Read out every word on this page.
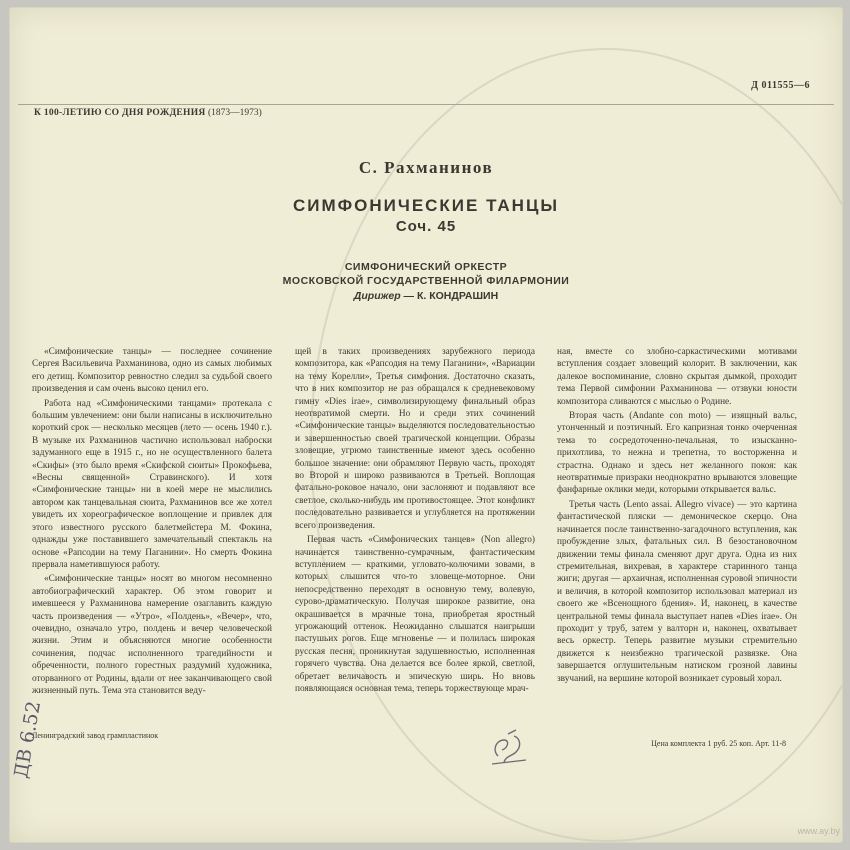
Д 011555—6
К 100-ЛЕТИЮ СО ДНЯ РОЖДЕНИЯ (1873—1973)
С. Рахманинов
СИМФОНИЧЕСКИЕ ТАНЦЫ
Соч. 45
СИМФОНИЧЕСКИЙ ОРКЕСТР
МОСКОВСКОЙ ГОСУДАРСТВЕННОЙ ФИЛАРМОНИИ
Дирижер — К. КОНДРАШИН

«Симфонические танцы» — последнее сочинение Сергея Васильевича Рахманинова, одно из самых любимых его детищ. Композитор ревностно следил за судьбой своего произведения и сам очень высоко ценил его.

Работа над «Симфоническими танцами» протекала с большим увлечением: они были написаны в исключительно короткий срок — несколько месяцев (лето — осень 1940 г.). В музыке их Рахманинов частично использовал наброски задуманного еще в 1915 г., но не осуществленного балета «Скифы» (это было время «Скифской сюиты» Прокофьева, «Весны священной» Стравинского). И хотя «Симфонические танцы» ни в коей мере не мыслились автором как танцевальная сюита, Рахманинов все же хотел увидеть их хореографическое воплощение и привлек для этого известного русского балетмейстера М. Фокина, однажды уже поставившего замечательный спектакль на основе «Рапсодии на тему Паганини». Но смерть Фокина прервала наметившуюся работу.

«Симфонические танцы» носят во многом несомненно автобиографический характер. Об этом говорит и имевшееся у Рахманинова намерение озаглавить каждую часть произведения — «Утро», «Полдень», «Вечер», что, очевидно, означало утро, полдень и вечер человеческой жизни. Этим и объясняются многие особенности сочинения, подчас исполненного трагедийности и обреченности, полного горестных раздумий художника, оторванного от Родины, вдали от нее заканчивающего свой жизненный путь. Тема эта становится веду-

щей в таких произведениях зарубежного периода композитора, как «Рапсодия на тему Паганини», «Вариации на тему Корелли», Третья симфония. Достаточно сказать, что в них композитор не раз обращался к средневековому гимну «Dies irae», символизирующему финальный образ неотвратимой смерти. Но и среди этих сочинений «Симфонические танцы» выделяются последовательностью и завершенностью своей трагической концепции. Образы зловещие, угрюмо таинственные имеют здесь особенно большое значение: они обрамляют Первую часть, проходят во Второй и широко развиваются в Третьей. Воплощая фатально-роковое начало, они заслоняют и подавляют все светлое, сколько-нибудь им противостоящее. Этот конфликт последовательно развивается и углубляется на протяжении всего произведения.

Первая часть «Симфонических танцев» (Non allegro) начинается таинственно-сумрачным, фантастическим вступлением — краткими, угловато-колючими зовами, в которых слышится что-то зловеще-моторное. Они непосредственно переходят в основную тему, волевую, сурово-драматическую. Получая широкое развитие, она окрашивается в мрачные тона, приобретая яростный угрожающий оттенок. Неожиданно слышатся наигрыши пастушьих рогов. Еще мгновенье — и полилась широкая русская песня, проникнутая задушевностью, исполненная горячего чувства. Она делается все более яркой, светлой, обретает величавость и эпическую ширь. Но вновь появляющаяся основная тема, теперь торжествующе мрач-

ная, вместе со злобно-саркастическими мотивами вступления создает зловещий колорит. В заключении, как далекое воспоминание, словно скрытая дымкой, проходит тема Первой симфонии Рахманинова — отзвуки юности композитора сливаются с мыслью о Родине.

Вторая часть (Andante con moto) — изящный вальс, утонченный и поэтичный. Его капризная тонко очерченная тема то сосредоточенно-печальная, то изысканно-прихотлива, то нежна и трепетна, то восторженна и страстна. Однако и здесь нет желанного покоя: как неотвратимые призраки неоднократно врываются зловещие фанфарные оклики меди, которыми открывается вальс.

Третья часть (Lento assai. Allegro vivace) — это картина фантастической пляски — демоническое скерцо. Она начинается после таинственно-загадочного вступления, как пробуждение злых, фатальных сил. В безостановочном движении темы финала сменяют друг друга. Одна из них стремительная, вихревая, в характере старинного танца жиги; другая — архаичная, исполненная суровой эпичности и величия, в которой композитор использовал материал из своего же «Всенощного бдения». И, наконец, в качестве центральной темы финала выступает напев «Dies irae». Он проходит у труб, затем у валторн и, наконец, охватывает весь оркестр. Теперь развитие музыки стремительно движется к неизбежно трагической развязке. Она завершается оглушительным натиском грозной лавины звучаний, на вершине которой возникает суровый хорал.

Ленинградский завод грампластинок
Цена комплекта 1 руб. 25 коп. Арт. 11-8
ДВ 6.52
www.ay.by
